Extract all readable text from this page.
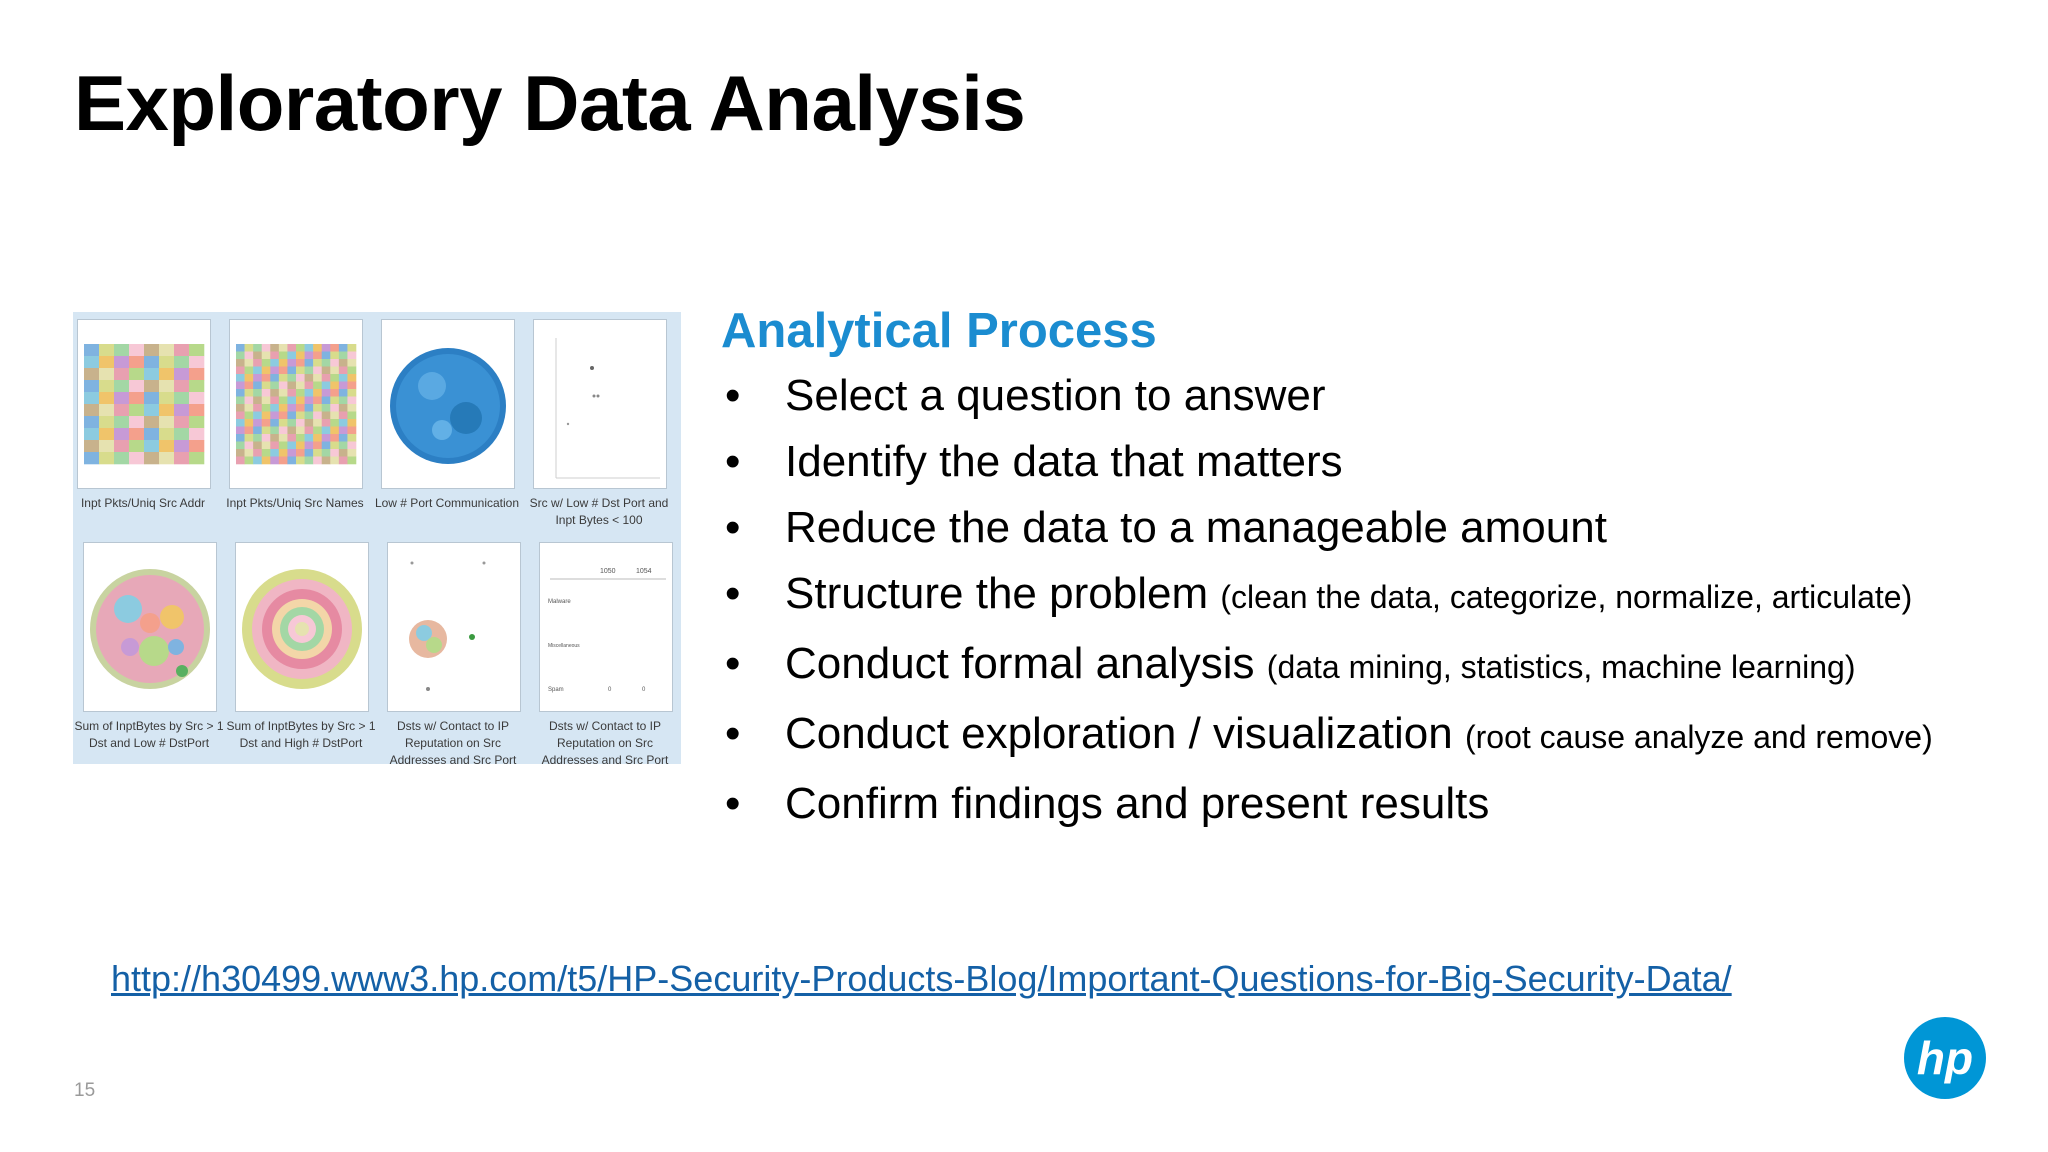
Exploratory Data Analysis
Inpt Pkts/Uniq Src Addr	Inpt Pkts/Uniq Src Names Low # Port Communication Src w/ Low # Dst Port and Inpt Bytes < 100
1050	1054
Malware
Miscellaneous
Spam	0	0
Sum of InptBytes by Src > 1 Dst and Low # DstPort
Sum of InptBytes by Src > 1 Dst and High # DstPort
Dsts w/ Contact to IP Reputation on Src Addresses and Src Port
Dsts w/ Contact to IP Reputation on Src Addresses and Src Port
Analytical Process
• Select a question to answer
• Identify the data that matters
• Reduce the data to a manageable amount
• Structure the problem (clean the data, categorize, normalize, articulate)
• Conduct formal analysis (data mining, statistics, machine learning)
• Conduct exploration / visualization (root cause analyze and remove)
• Confirm findings and present results
http://h30499.www3.hp.com/t5/HP-Security-Products-Blog/Important-Questions-for-Big-Security-Data/
15
hp
